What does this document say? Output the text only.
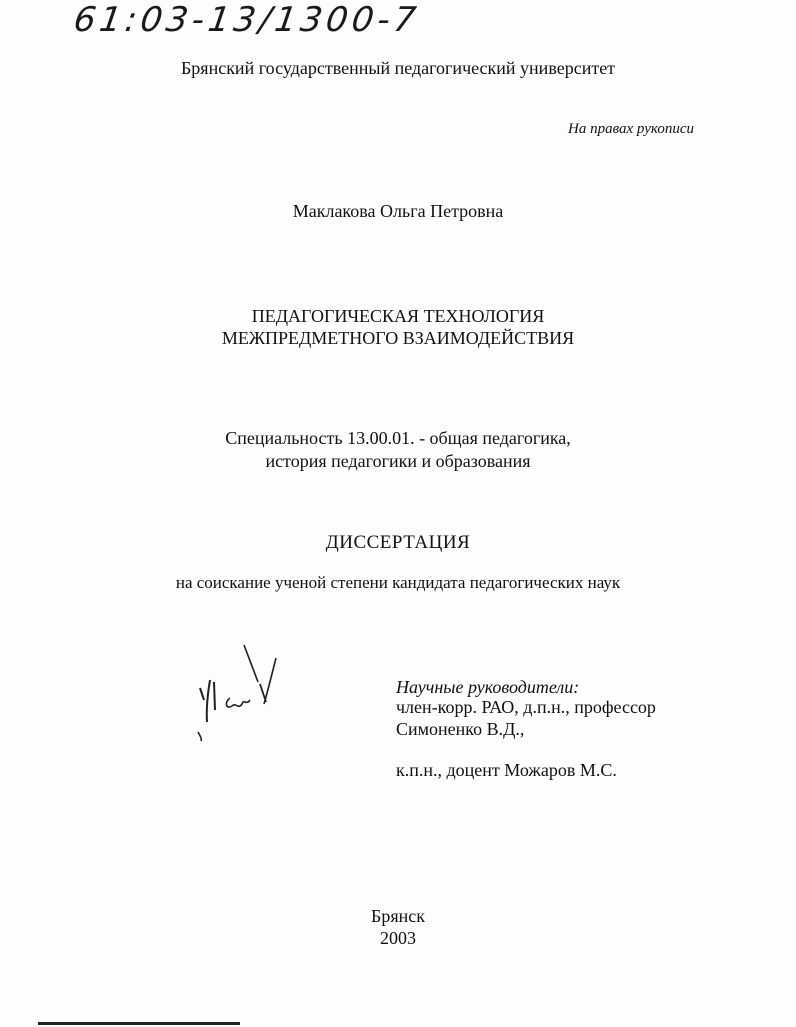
61:03-13/1300-7
Брянский государственный педагогический университет
На правах рукописи
Маклакова Ольга Петровна
ПЕДАГОГИЧЕСКАЯ ТЕХНОЛОГИЯ
МЕЖПРЕДМЕТНОГО ВЗАИМОДЕЙСТВИЯ
Специальность 13.00.01. - общая педагогика,
история педагогики и образования
ДИССЕРТАЦИЯ
на соискание ученой степени кандидата педагогических наук
Научные руководители:
член-корр. РАО, д.п.н., профессор
Симоненко В.Д.,
к.п.н., доцент Можаров М.С.
Брянск
2003
